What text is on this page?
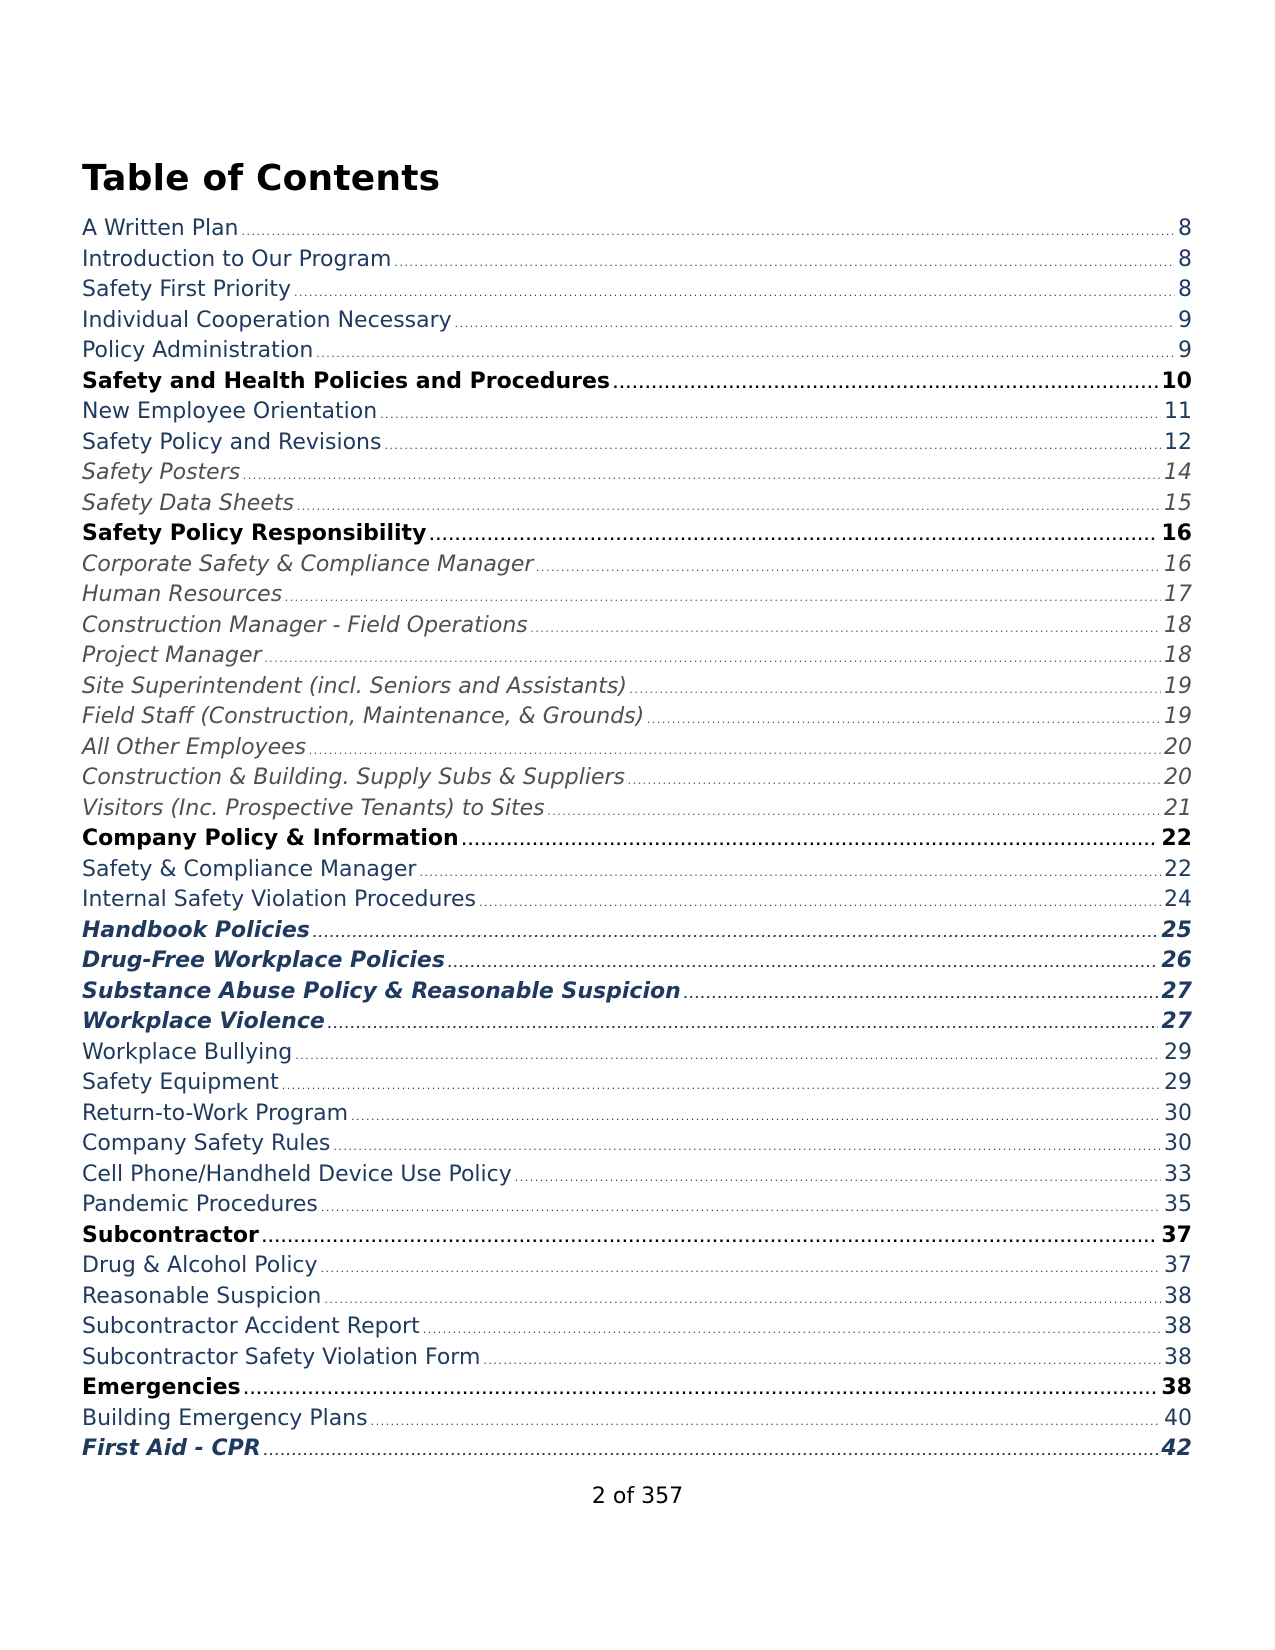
Table of Contents
A Written Plan .....	8
Introduction to Our Program .....	8
Safety First Priority .....	8
Individual Cooperation Necessary .....	9
Policy Administration .....	9
Safety and Health Policies and Procedures .....	10
New Employee Orientation .....	11
Safety Policy and Revisions .....	12
Safety Posters .....	14
Safety Data Sheets .....	15
Safety Policy Responsibility .....	16
Corporate Safety & Compliance Manager .....	16
Human Resources .....	17
Construction Manager - Field Operations .....	18
Project Manager .....	18
Site Superintendent (incl. Seniors and Assistants) .....	19
Field Staff (Construction, Maintenance, & Grounds) .....	19
All Other Employees .....	20
Construction & Building. Supply Subs & Suppliers .....	20
Visitors (Inc. Prospective Tenants) to Sites .....	21
Company Policy & Information .....	22
Safety & Compliance Manager .....	22
Internal Safety Violation Procedures .....	24
Handbook Policies .....	25
Drug-Free Workplace Policies .....	26
Substance Abuse Policy & Reasonable Suspicion .....	27
Workplace Violence .....	27
Workplace Bullying .....	29
Safety Equipment .....	29
Return-to-Work Program .....	30
Company Safety Rules .....	30
Cell Phone/Handheld Device Use Policy .....	33
Pandemic Procedures .....	35
Subcontractor .....	37
Drug & Alcohol Policy .....	37
Reasonable Suspicion .....	38
Subcontractor Accident Report .....	38
Subcontractor Safety Violation Form .....	38
Emergencies .....	38
Building Emergency Plans .....	40
First Aid - CPR .....	42
2 of 357
